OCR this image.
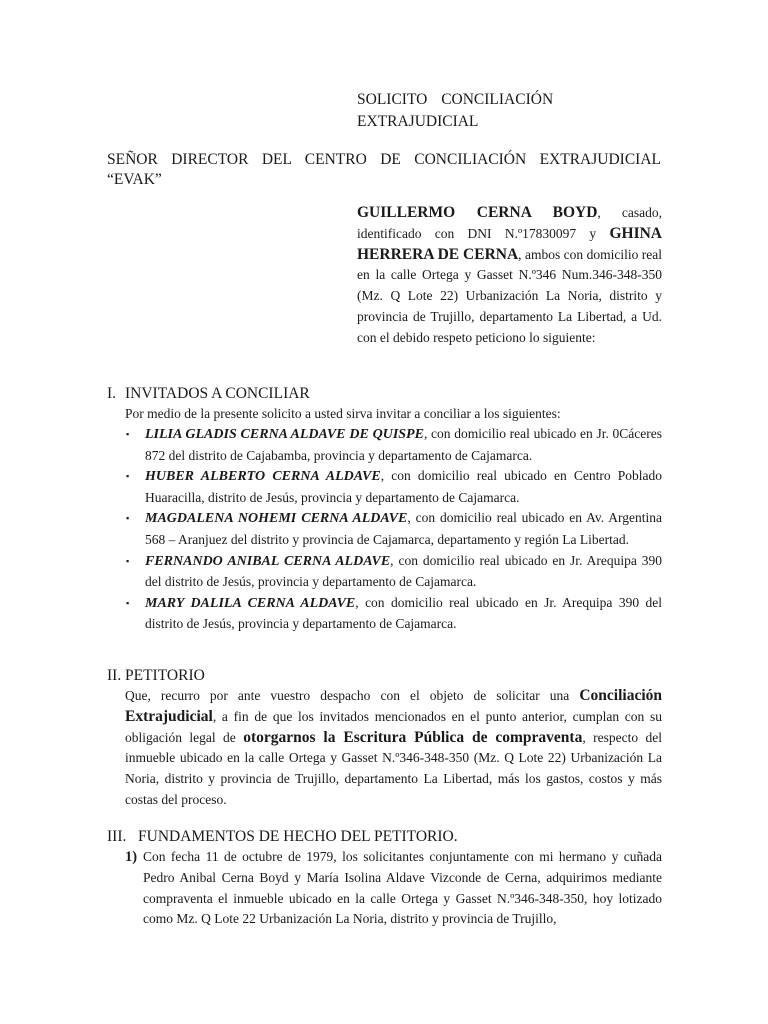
SOLICITO CONCILIACIÓN
EXTRAJUDICIAL
SEÑOR DIRECTOR DEL CENTRO DE CONCILIACIÓN EXTRAJUDICIAL “EVAK”
GUILLERMO CERNA BOYD, casado, identificado con DNI N.º17830097 y GHINA HERRERA DE CERNA, ambos con domicilio real en la calle Ortega y Gasset N.º346 Num.346-348-350 (Mz. Q Lote 22) Urbanización La Noria, distrito y provincia de Trujillo, departamento La Libertad, a Ud. con el debido respeto peticiono lo siguiente:
I. INVITADOS A CONCILIAR
Por medio de la presente solicito a usted sirva invitar a conciliar a los siguientes:
▪ LILIA GLADIS CERNA ALDAVE DE QUISPE, con domicilio real ubicado en Jr. 0Cáceres 872 del distrito de Cajabamba, provincia y departamento de Cajamarca.
▪ HUBER ALBERTO CERNA ALDAVE, con domicilio real ubicado en Centro Poblado Huaracilla, distrito de Jesús, provincia y departamento de Cajamarca.
▪ MAGDALENA NOHEMI CERNA ALDAVE, con domicilio real ubicado en Av. Argentina 568 – Aranjuez del distrito y provincia de Cajamarca, departamento y región La Libertad.
▪ FERNANDO ANIBAL CERNA ALDAVE, con domicilio real ubicado en Jr. Arequipa 390 del distrito de Jesús, provincia y departamento de Cajamarca.
▪ MARY DALILA CERNA ALDAVE, con domicilio real ubicado en Jr. Arequipa 390 del distrito de Jesús, provincia y departamento de Cajamarca.
II. PETITORIO
Que, recurro por ante vuestro despacho con el objeto de solicitar una Conciliación Extrajudicial, a fin de que los invitados mencionados en el punto anterior, cumplan con su obligación legal de otorgarnos la Escritura Pública de compraventa, respecto del inmueble ubicado en la calle Ortega y Gasset N.º346-348-350 (Mz. Q Lote 22) Urbanización La Noria, distrito y provincia de Trujillo, departamento La Libertad, más los gastos, costos y más costas del proceso.
III. FUNDAMENTOS DE HECHO DEL PETITORIO.
1) Con fecha 11 de octubre de 1979, los solicitantes conjuntamente con mi hermano y cuñada Pedro Anibal Cerna Boyd y María Isolina Aldave Vizconde de Cerna, adquirimos mediante compraventa el inmueble ubicado en la calle Ortega y Gasset N.º346-348-350, hoy lotizado como Mz. Q Lote 22 Urbanización La Noria, distrito y provincia de Trujillo,
